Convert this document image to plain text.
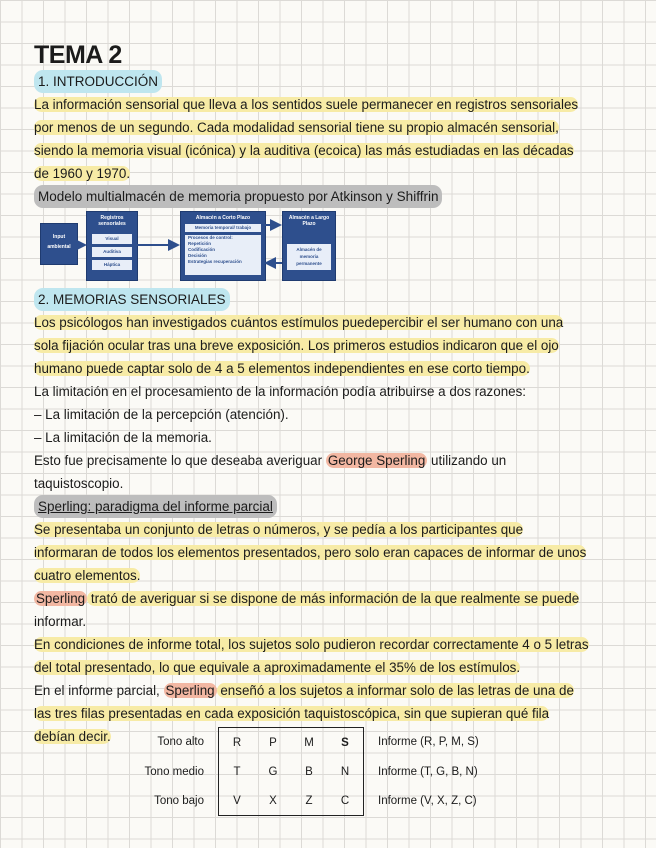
TEMA 2
1. INTRODUCCIÓN

La información sensorial que lleva a los sentidos suele permanecer en registros sensoriales

por menos de un segundo. Cada modalidad sensorial tiene su propio almacén sensorial,

siendo la memoria visual (icónica) y la auditiva (ecoica) las más estudiadas en las décadas

de 1960 y 1970.

Modelo multialmacén de memoria propuesto por Atkinson y Shiffrin
Input ambiental
Registros sensoriales
Visual
Auditiva
Háptica
Almacén a Corto Plazo
Memoria temporal/ trabajo
Procesos de control:
Repetición
Codificación
Decisión
Estrategias recuperación
Almacén a Largo Plazo
Almacén de memoria permanente
2. MEMORIAS SENSORIALES

Los psicólogos han investigados cuántos estímulos puedepercibir el ser humano con una

sola fijación ocular tras una breve exposición. Los primeros estudios indicaron que el ojo

humano puede captar solo de 4 a 5 elementos independientes en ese corto tiempo.

La limitación en el procesamiento de la información podía atribuirse a dos razones:

– La limitación de la percepción (atención).

– La limitación de la memoria.

Esto fue precisamente lo que deseaba averiguar George Sperling utilizando un

taquistoscopio.

Sperling: paradigma del informe parcial

Se presentaba un conjunto de letras o números, y se pedía a los participantes que

informaran de todos los elementos presentados, pero solo eran capaces de informar de unos

cuatro elementos.

Sperling trató de averiguar si se dispone de más información de la que realmente se puede

informar.

En condiciones de informe total, los sujetos solo pudieron recordar correctamente 4 o 5 letras

del total presentado, lo que equivale a aproximadamente el 35% de los estímulos.

En el informe parcial, Sperling enseñó a los sujetos a informar solo de las letras de una de

las tres filas presentadas en cada exposición taquistoscópica, sin que supieran qué fila

debían decir.	Tono alto	R	P	M	S	Informe (R, P, M, S)
Tono medio	T	G	B	N	Informe (T, G, B, N)
Tono bajo	V	X	Z	C	Informe (V, X, Z, C)
